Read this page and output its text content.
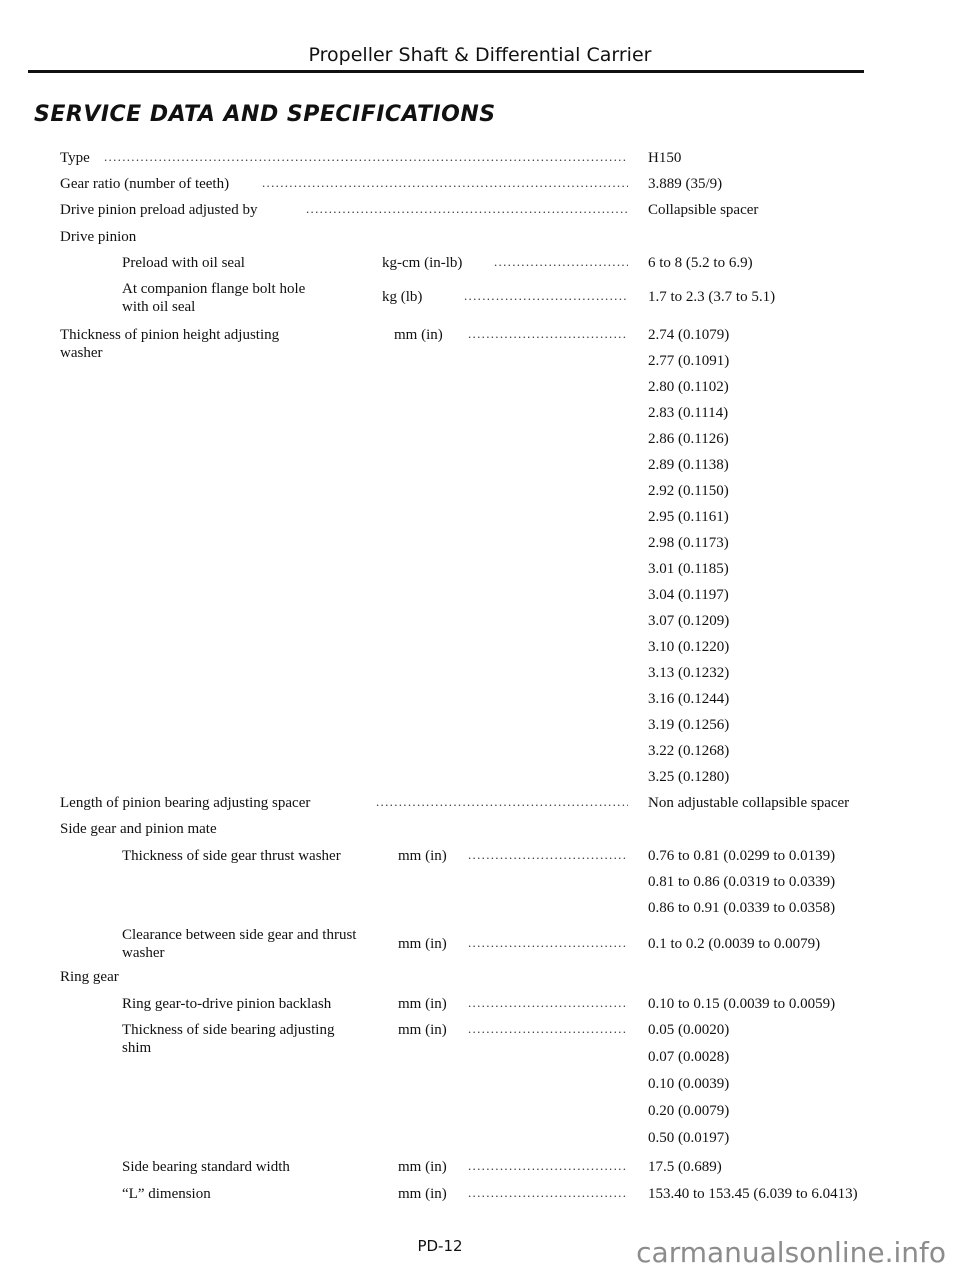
Propeller Shaft & Differential Carrier
SERVICE DATA AND SPECIFICATIONS
Type .....	H150
Gear ratio (number of teeth) .....	3.889 (35/9)
Drive pinion preload adjusted by .....	Collapsible spacer
Drive pinion
Preload with oil seal	kg-cm (in-lb) .....	6 to 8 (5.2 to 6.9)
At companion flange bolt hole
with oil seal
kg (lb) .....	1.7 to 2.3 (3.7 to 5.1)
Thickness of pinion height adjusting
washer
mm (in) .....	2.74 (0.1079)
2.77 (0.1091)
2.80 (0.1102)
2.83 (0.1114)
2.86 (0.1126)
2.89 (0.1138)
2.92 (0.1150)
2.95 (0.1161)
2.98 (0.1173)
3.01 (0.1185)
3.04 (0.1197)
3.07 (0.1209)
3.10 (0.1220)
3.13 (0.1232)
3.16 (0.1244)
3.19 (0.1256)
3.22 (0.1268)
3.25 (0.1280)
Length of pinion bearing adjusting spacer .....	Non adjustable collapsible spacer
Side gear and pinion mate
Thickness of side gear thrust washer	mm (in) .....	0.76 to 0.81 (0.0299 to 0.0139)
0.81 to 0.86 (0.0319 to 0.0339)
0.86 to 0.91 (0.0339 to 0.0358)
Clearance between side gear and thrust
washer
mm (in) .....	0.1 to 0.2 (0.0039 to 0.0079)
Ring gear
Ring gear-to-drive pinion backlash	mm (in) .....	0.10 to 0.15 (0.0039 to 0.0059)
Thickness of side bearing adjusting
shim
mm (in) .....	0.05 (0.0020)
0.07 (0.0028)
0.10 (0.0039)
0.20 (0.0079)
0.50 (0.0197)
Side bearing standard width	mm (in) .....	17.5 (0.689)
“L” dimension	mm (in) .....	153.40 to 153.45 (6.039 to 6.0413)
PD-12	carmanualsonline.info
